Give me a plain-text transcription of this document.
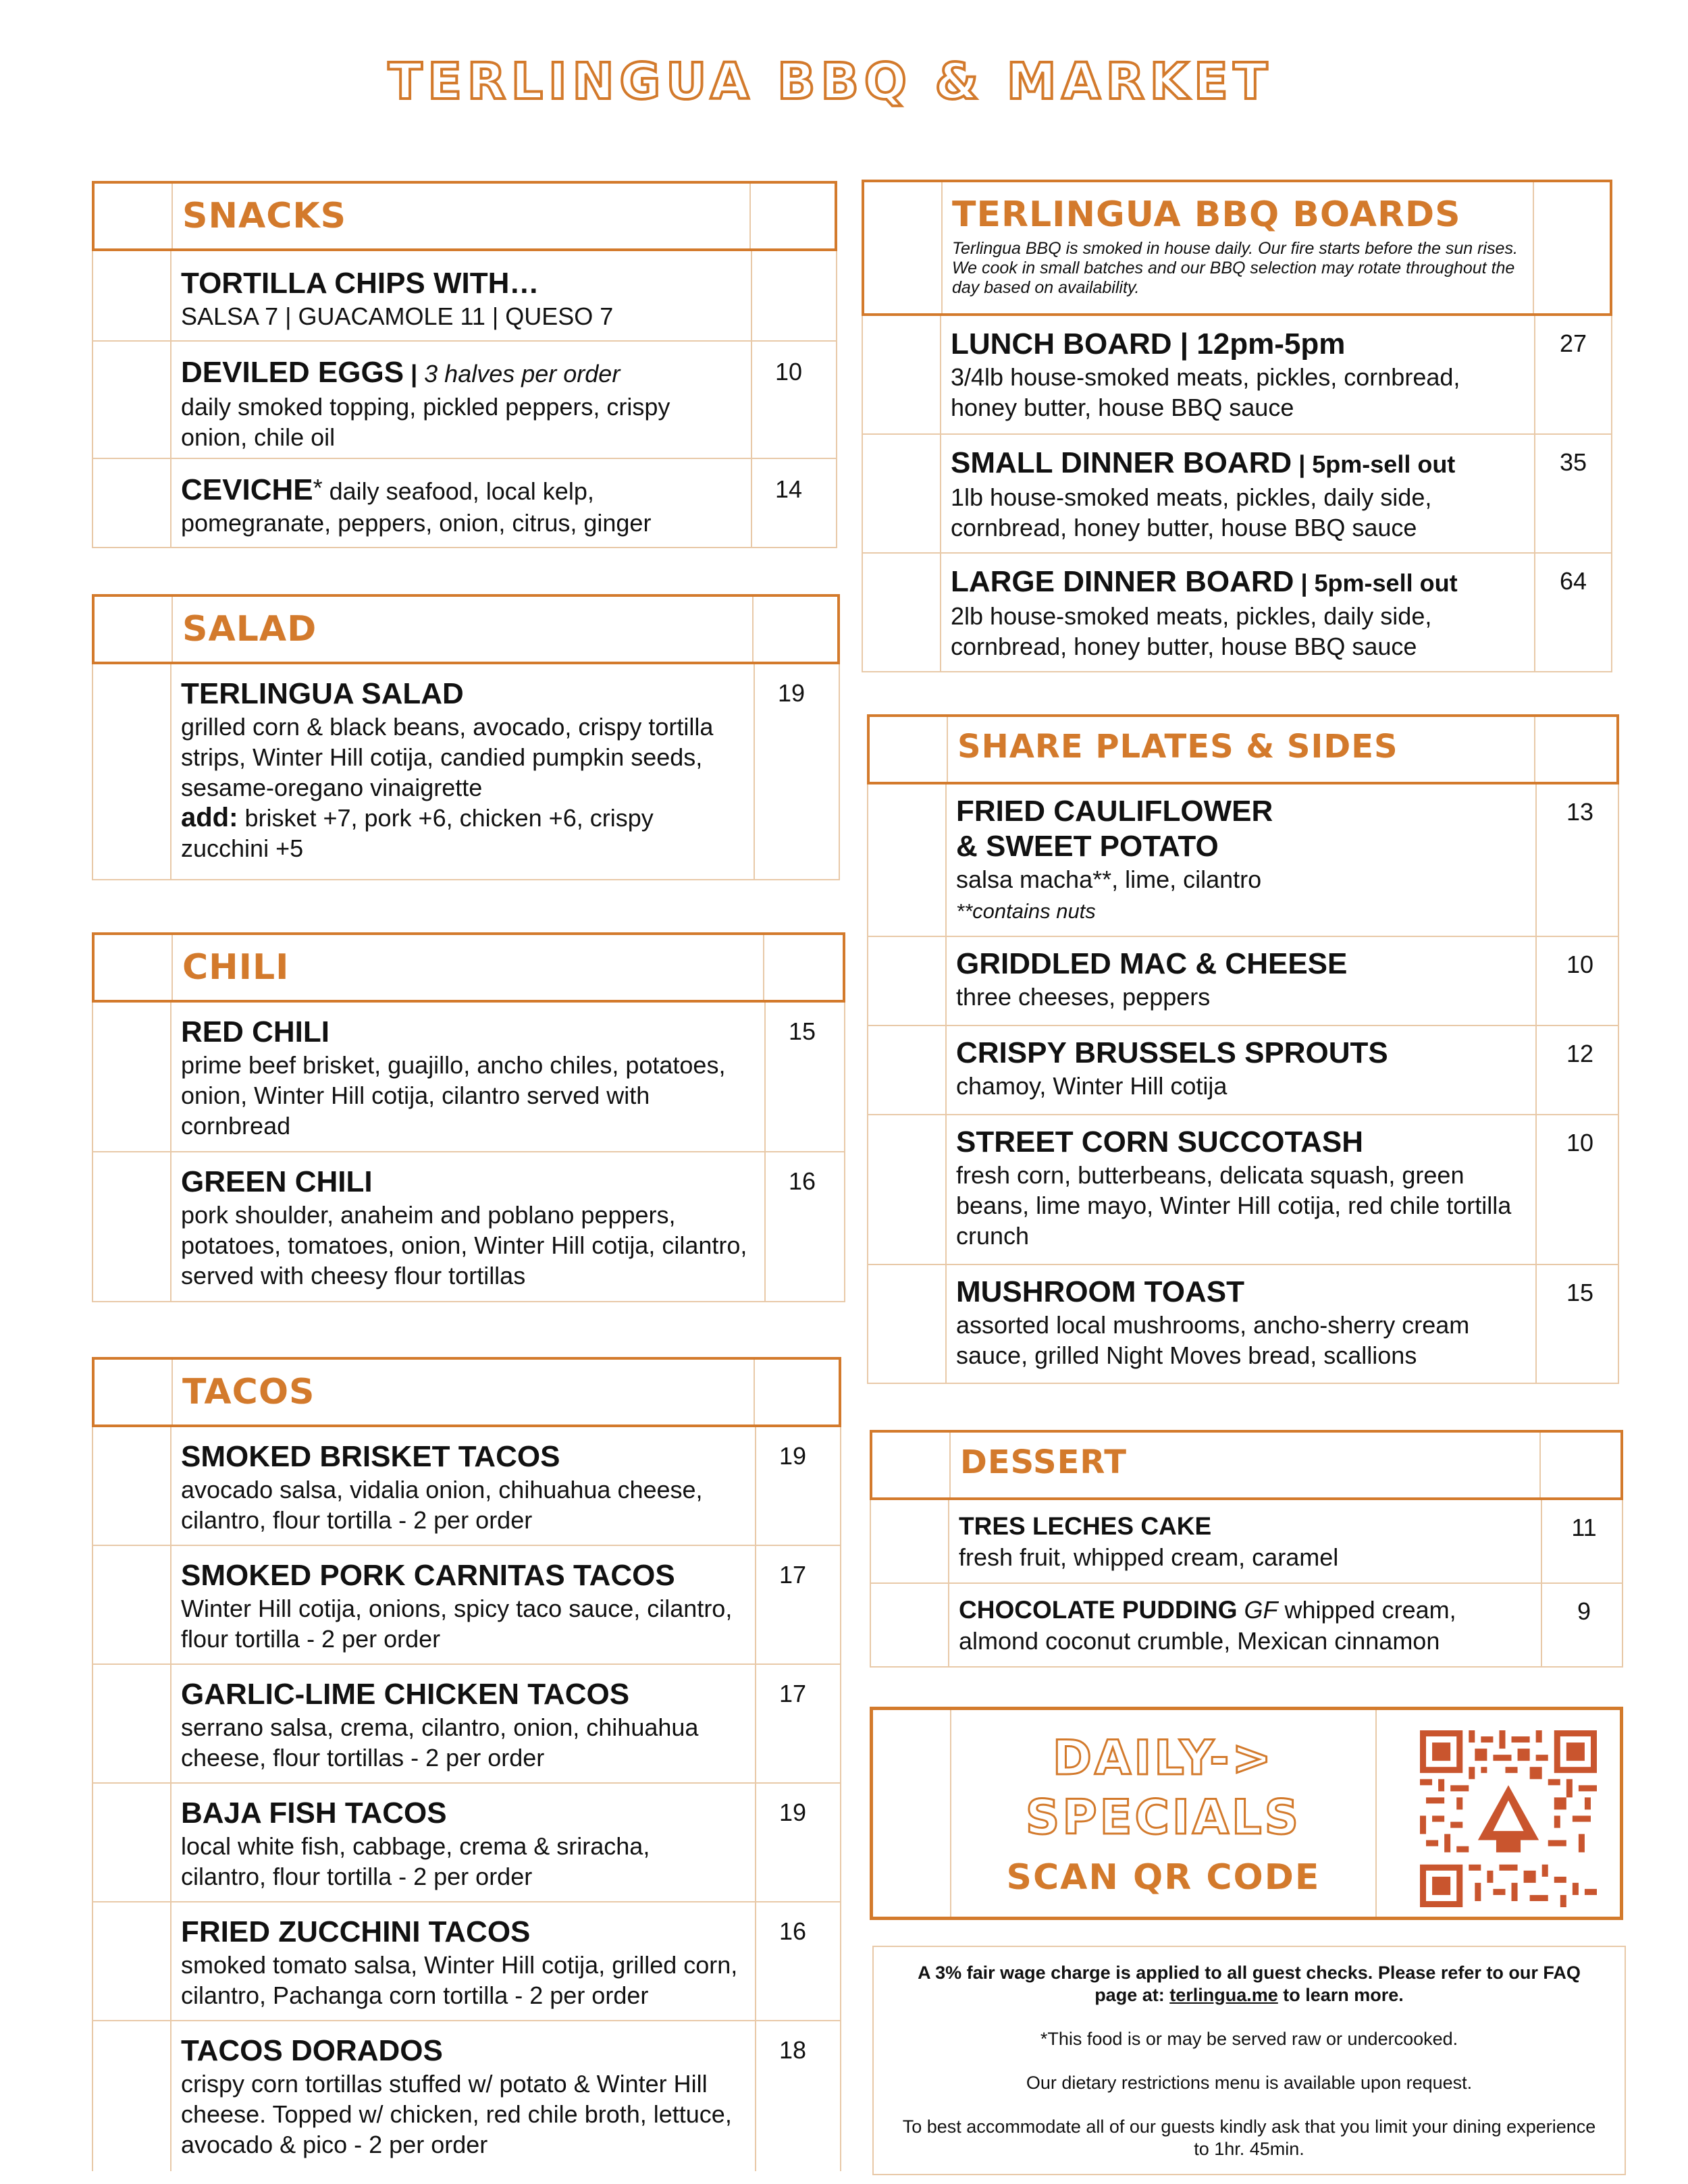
TERLINGUA BBQ & MARKET
SNACKS
TORTILLA CHIPS WITH…
SALSA 7 | GUACAMOLE 11 | QUESO 7
DEVILED EGGS | 3 halves per order
daily smoked topping, pickled peppers, crispy onion, chile oil
10
CEVICHE* daily seafood, local kelp, pomegranate, peppers, onion, citrus, ginger
14
SALAD
TERLINGUA SALAD
grilled corn & black beans, avocado, crispy tortilla strips, Winter Hill cotija, candied pumpkin seeds, sesame-oregano vinaigrette
add: brisket +7, pork +6, chicken +6, crispy zucchini +5
19
CHILI
RED CHILI
prime beef brisket, guajillo, ancho chiles, potatoes, onion, Winter Hill cotija, cilantro served with cornbread
15
GREEN CHILI
pork shoulder, anaheim and poblano peppers, potatoes, tomatoes, onion, Winter Hill cotija, cilantro, served with cheesy flour tortillas
16
TACOS
SMOKED BRISKET TACOS
avocado salsa, vidalia onion, chihuahua cheese, cilantro, flour tortilla - 2 per order
19
SMOKED PORK CARNITAS TACOS
Winter Hill cotija, onions, spicy taco sauce, cilantro, flour tortilla - 2 per order
17
GARLIC-LIME CHICKEN TACOS
serrano salsa, crema, cilantro, onion, chihuahua cheese, flour tortillas - 2 per order
17
BAJA FISH TACOS
local white fish, cabbage, crema & sriracha, cilantro, flour tortilla - 2 per order
19
FRIED ZUCCHINI TACOS
smoked tomato salsa, Winter Hill cotija, grilled corn, cilantro, Pachanga corn tortilla - 2 per order
16
TACOS DORADOS
crispy corn tortillas stuffed w/ potato & Winter Hill cheese. Topped w/ chicken, red chile broth, lettuce, avocado & pico - 2 per order
18
TERLINGUA BBQ BOARDS
Terlingua BBQ is smoked in house daily. Our fire starts before the sun rises. We cook in small batches and our BBQ selection may rotate throughout the day based on availability.
LUNCH BOARD | 12pm-5pm
3/4lb house-smoked meats, pickles, cornbread, honey butter, house BBQ sauce
27
SMALL DINNER BOARD | 5pm-sell out
1lb house-smoked meats, pickles, daily side, cornbread, honey butter, house BBQ sauce
35
LARGE DINNER BOARD | 5pm-sell out
2lb house-smoked meats, pickles, daily side, cornbread, honey butter, house BBQ sauce
64
SHARE PLATES & SIDES
FRIED CAULIFLOWER
& SWEET POTATO
salsa macha**, lime, cilantro
**contains nuts
13
GRIDDLED MAC & CHEESE
three cheeses, peppers
10
CRISPY BRUSSELS SPROUTS
chamoy, Winter Hill cotija
12
STREET CORN SUCCOTASH
fresh corn, butterbeans, delicata squash, green beans, lime mayo, Winter Hill cotija, red chile tortilla crunch
10
MUSHROOM TOAST
assorted local mushrooms, ancho-sherry cream sauce, grilled Night Moves bread, scallions
15
DESSERT
TRES LECHES CAKE
fresh fruit, whipped cream, caramel
11
CHOCOLATE PUDDING GF whipped cream,
almond coconut crumble, Mexican cinnamon
9
DAILY->
SPECIALS
SCAN QR CODE

A 3% fair wage charge is applied to all guest checks. Please refer to our FAQ page at: terlingua.me to learn more.

*This food is or may be served raw or undercooked.

Our dietary restrictions menu is available upon request.

To best accommodate all of our guests kindly ask that you limit your dining experience to 1hr. 45min.
